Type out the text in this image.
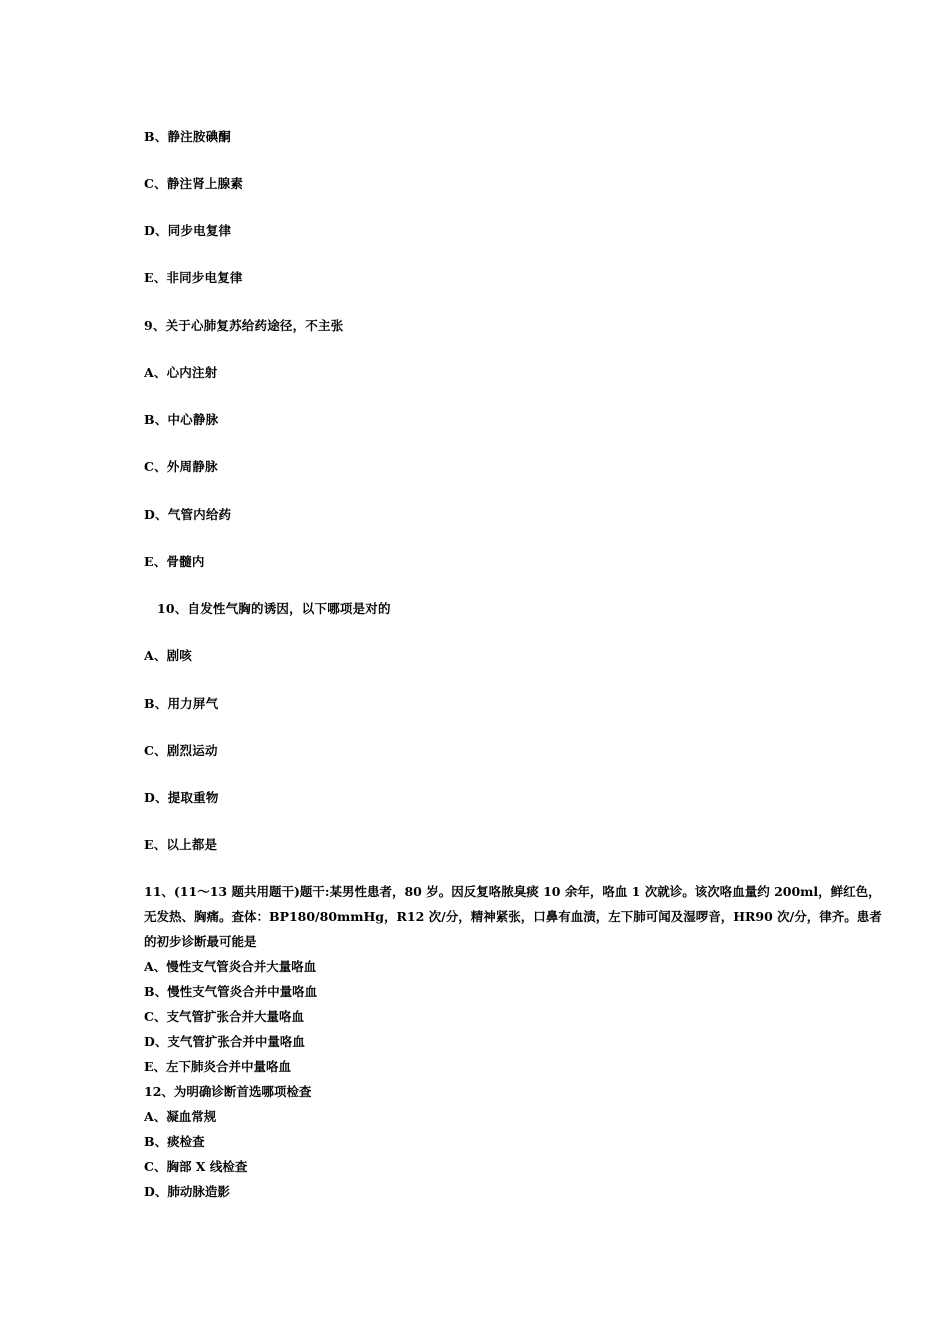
B、静注胺碘酮
C、静注肾上腺素
D、同步电复律
E、非同步电复律
9、关于心肺复苏给药途径，不主张
A、心内注射
B、中心静脉
C、外周静脉
D、气管内给药
E、骨髓内
10、自发性气胸的诱因，以下哪项是对的
A、剧咳
B、用力屏气
C、剧烈运动
D、提取重物
E、以上都是
11、(11～13 题共用题干)题干:某男性患者，80 岁。因反复咯脓臭痰 10 余年，咯血 1 次就诊。该次咯血量约 200ml，鲜红色，
无发热、胸痛。查体：BP180/80mmHg，R12 次/分，精神紧张，口鼻有血渍，左下肺可闻及湿啰音，HR90 次/分，律齐。患者
的初步诊断最可能是
A、慢性支气管炎合并大量咯血
B、慢性支气管炎合并中量咯血
C、支气管扩张合并大量咯血
D、支气管扩张合并中量咯血
E、左下肺炎合并中量咯血
12、为明确诊断首选哪项检查
A、凝血常规
B、痰检查
C、胸部 X 线检查
D、肺动脉造影
